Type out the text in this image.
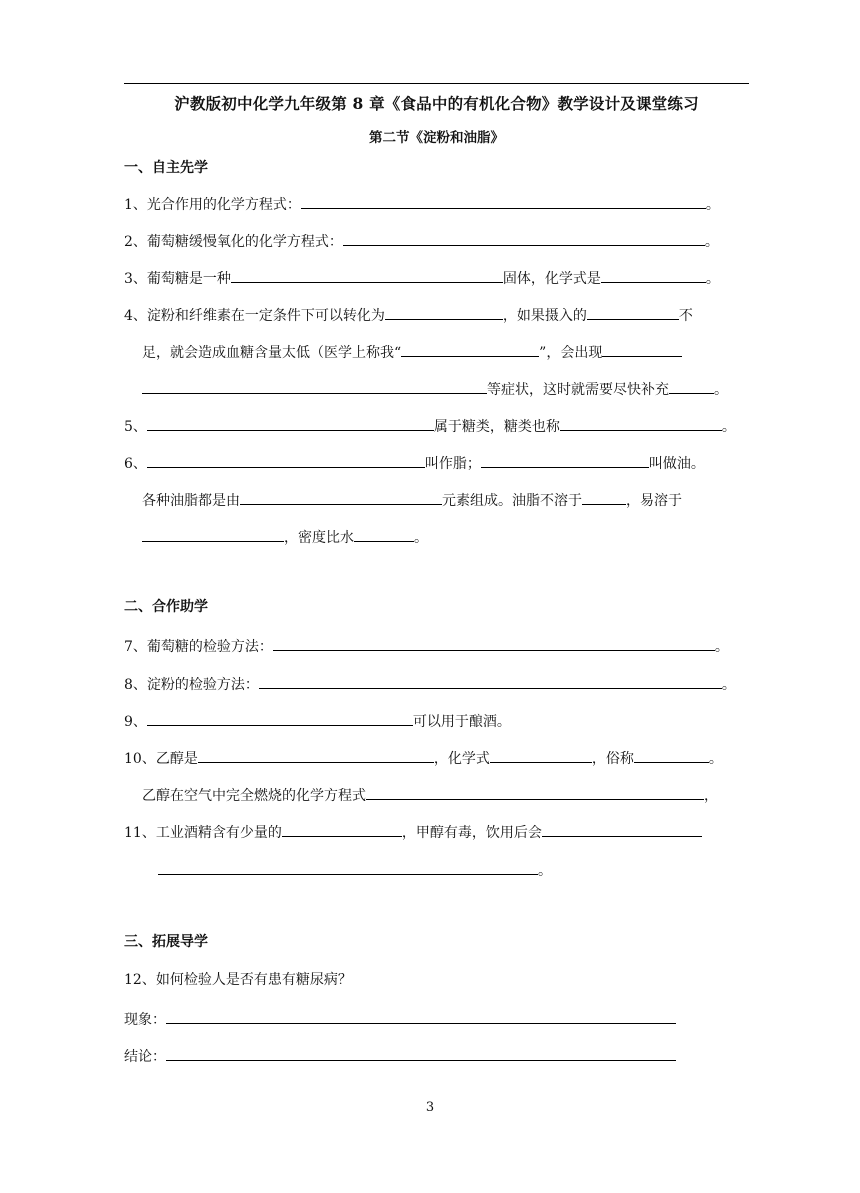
沪教版初中化学九年级第 8 章《食品中的有机化合物》教学设计及课堂练习
第二节《淀粉和油脂》
一、自主先学
1、光合作用的化学方程式：	。
2、葡萄糖缓慢氧化的化学方程式：	。
3、葡萄糖是一种	固体，化学式是	。
4、淀粉和纤维素在一定条件下可以转化为	，如果摄入的	不
足，就会造成血糖含量太低（医学上称我“	”，会出现
等症状，这时就需要尽快补充	。
5、	属于糖类，糖类也称	。
6、	叫作脂；	叫做油。
各种油脂都是由	元素组成。油脂不溶于	，易溶于
，密度比水	。
二、合作助学
7、葡萄糖的检验方法：	。
8、淀粉的检验方法：	。
9、	可以用于酿酒。
10、乙醇是	，化学式	，俗称	。
乙醇在空气中完全燃烧的化学方程式	，
11、工业酒精含有少量的	，甲醇有毒，饮用后会
。
三、拓展导学
12、如何检验人是否有患有糖尿病？
现象：
结论：
3
